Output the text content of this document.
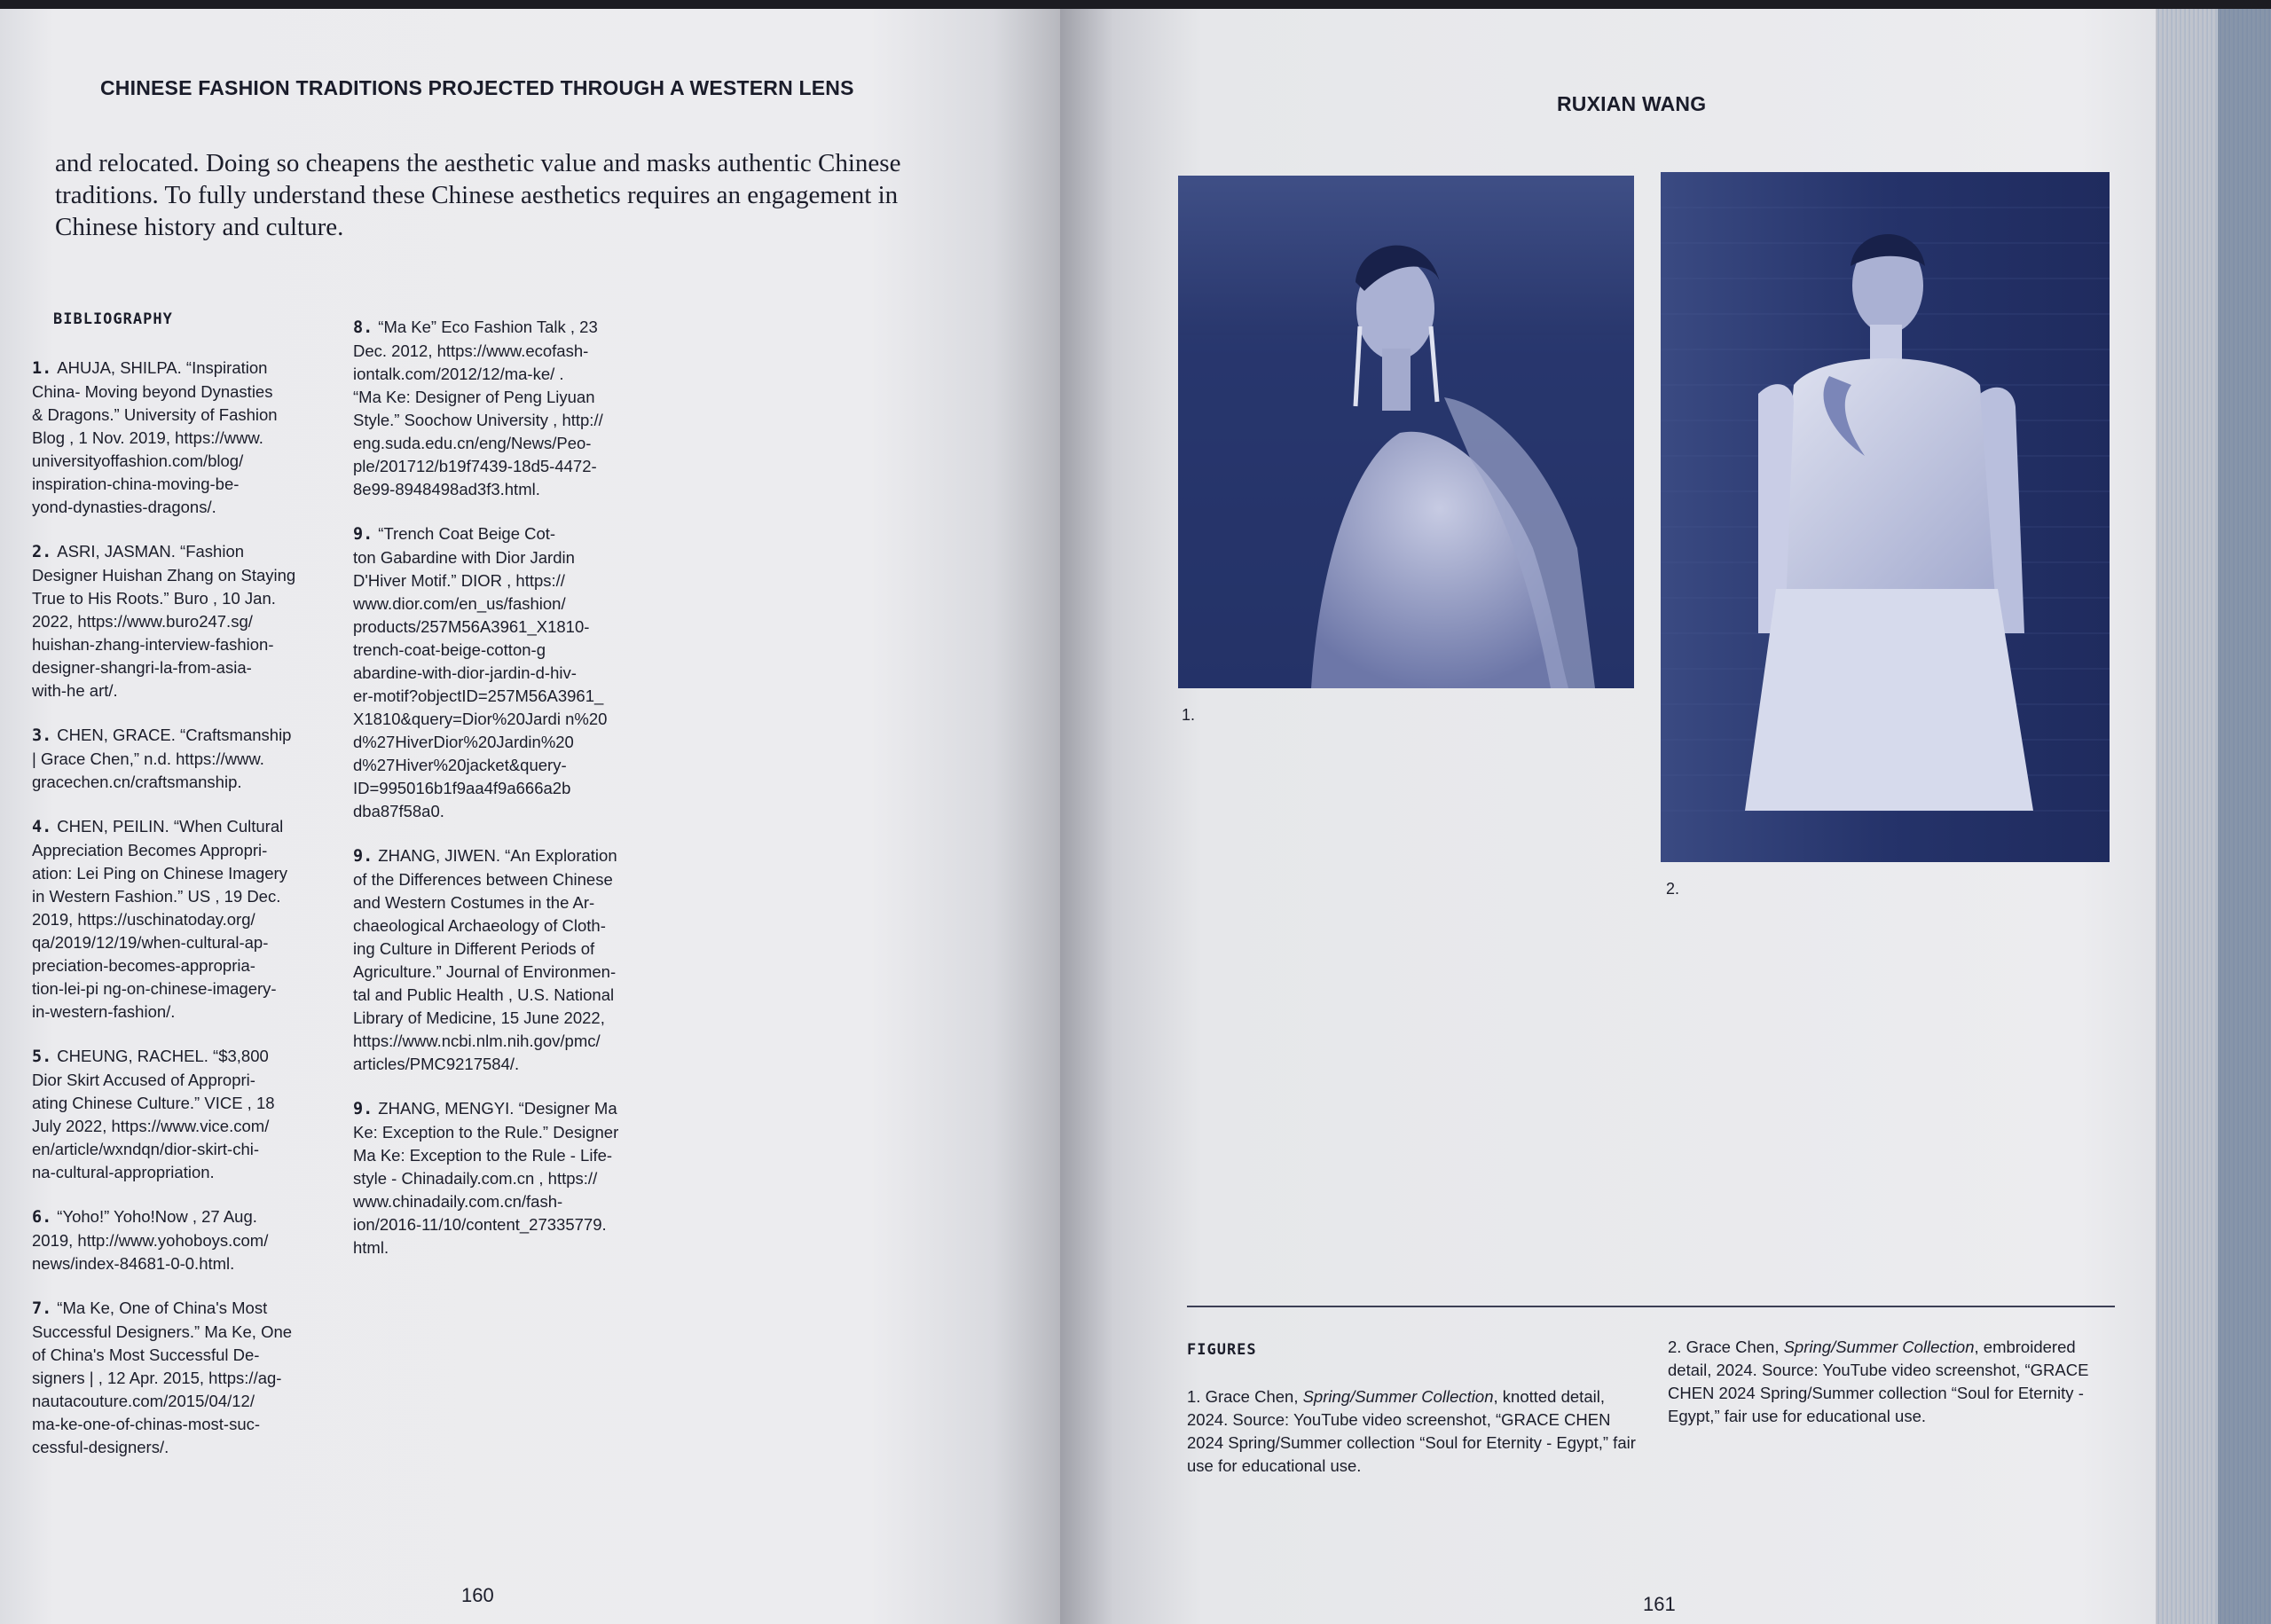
CHINESE FASHION TRADITIONS PROJECTED THROUGH A WESTERN LENS
and relocated. Doing so cheapens the aesthetic value and masks authentic Chinese traditions. To fully understand these Chinese aesthetics requires an engagement in Chinese history and culture.
BIBLIOGRAPHY
1. AHUJA, SHILPA. “Inspiration
China- Moving beyond Dynasties
& Dragons.” University of Fashion
Blog , 1 Nov. 2019, https://www.
universityoffashion.com/blog/
inspiration-china-moving-be-
yond-dynasties-dragons/.
2. ASRI, JASMAN. “Fashion
Designer Huishan Zhang on Staying
True to His Roots.” Buro , 10 Jan.
2022, https://www.buro247.sg/
huishan-zhang-interview-fashion-
designer-shangri-la-from-asia-
with-he art/.
3. CHEN, GRACE. “Craftsmanship
| Grace Chen,” n.d. https://www.
gracechen.cn/craftsmanship.
4. CHEN, PEILIN. “When Cultural
Appreciation Becomes Appropri-
ation: Lei Ping on Chinese Imagery
in Western Fashion.” US , 19 Dec.
2019, https://uschinatoday.org/
qa/2019/12/19/when-cultural-ap-
preciation-becomes-appropria-
tion-lei-pi ng-on-chinese-imagery-
in-western-fashion/.
5. CHEUNG, RACHEL. “$3,800
Dior Skirt Accused of Appropri-
ating Chinese Culture.” VICE , 18
July 2022, https://www.vice.com/
en/article/wxndqn/dior-skirt-chi-
na-cultural-appropriation.
6. “Yoho!” Yoho!Now , 27 Aug.
2019, http://www.yohoboys.com/
news/index-84681-0-0.html.
7. “Ma Ke, One of China's Most
Successful Designers.” Ma Ke, One
of China's Most Successful De-
signers | , 12 Apr. 2015, https://ag-
nautacouture.com/2015/04/12/
ma-ke-one-of-chinas-most-suc-
cessful-designers/.
8. “Ma Ke” Eco Fashion Talk , 23
Dec. 2012, https://www.ecofash-
iontalk.com/2012/12/ma-ke/ .
“Ma Ke: Designer of Peng Liyuan
Style.” Soochow University , http://
eng.suda.edu.cn/eng/News/Peo-
ple/201712/b19f7439-18d5-4472-
8e99-8948498ad3f3.html.
9. “Trench Coat Beige Cot-
ton Gabardine with Dior Jardin
D'Hiver Motif.” DIOR , https://
www.dior.com/en_us/fashion/
products/257M56A3961_X1810-
trench-coat-beige-cotton-g
abardine-with-dior-jardin-d-hiv-
er-motif?objectID=257M56A3961_
X1810&query=Dior%20Jardi n%20
d%27HiverDior%20Jardin%20
d%27Hiver%20jacket&query-
ID=995016b1f9aa4f9a666a2b
dba87f58a0.
9. ZHANG, JIWEN. “An Exploration
of the Differences between Chinese
and Western Costumes in the Ar-
chaeological Archaeology of Cloth-
ing Culture in Different Periods of
Agriculture.” Journal of Environmen-
tal and Public Health , U.S. National
Library of Medicine, 15 June 2022,
https://www.ncbi.nlm.nih.gov/pmc/
articles/PMC9217584/.
9. ZHANG, MENGYI. “Designer Ma
Ke: Exception to the Rule.” Designer
Ma Ke: Exception to the Rule - Life-
style - Chinadaily.com.cn , https://
www.chinadaily.com.cn/fash-
ion/2016-11/10/content_27335779.
html.
160
RUXIAN WANG
1.
2.
FIGURES
1. Grace Chen, Spring/Summer Collection, knotted detail, 2024. Source: YouTube video screenshot, “GRACE CHEN 2024 Spring/Summer collection “Soul for Eternity - Egypt,” fair use for educational use.
2. Grace Chen, Spring/Summer Collection, embroidered detail, 2024. Source: YouTube video screenshot, “GRACE CHEN 2024 Spring/Summer collection “Soul for Eternity - Egypt,” fair use for educational use.
161
